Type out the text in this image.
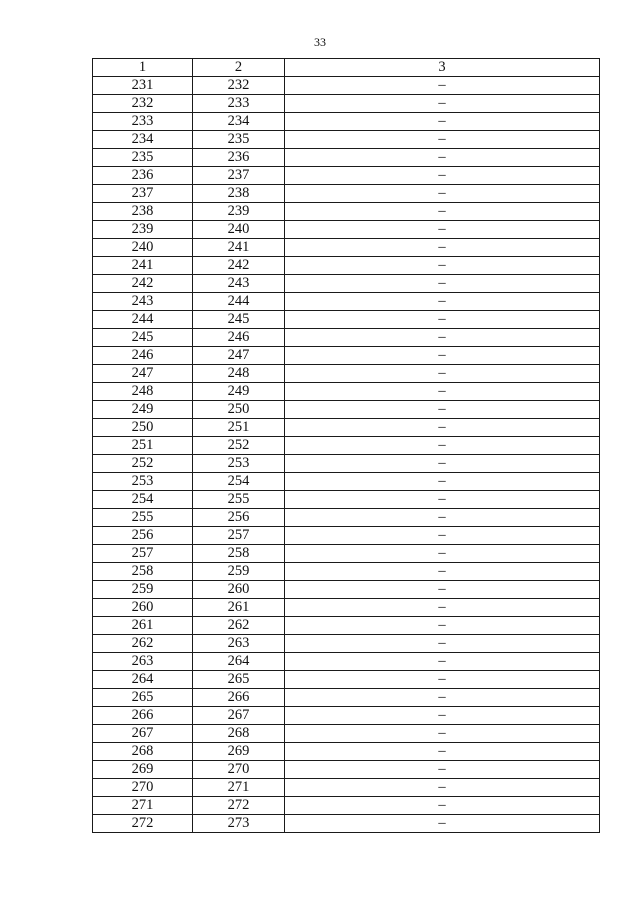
33
1	2	3
231	232	–
232	233	–
233	234	–
234	235	–
235	236	–
236	237	–
237	238	–
238	239	–
239	240	–
240	241	–
241	242	–
242	243	–
243	244	–
244	245	–
245	246	–
246	247	–
247	248	–
248	249	–
249	250	–
250	251	–
251	252	–
252	253	–
253	254	–
254	255	–
255	256	–
256	257	–
257	258	–
258	259	–
259	260	–
260	261	–
261	262	–
262	263	–
263	264	–
264	265	–
265	266	–
266	267	–
267	268	–
268	269	–
269	270	–
270	271	–
271	272	–
272	273	–
